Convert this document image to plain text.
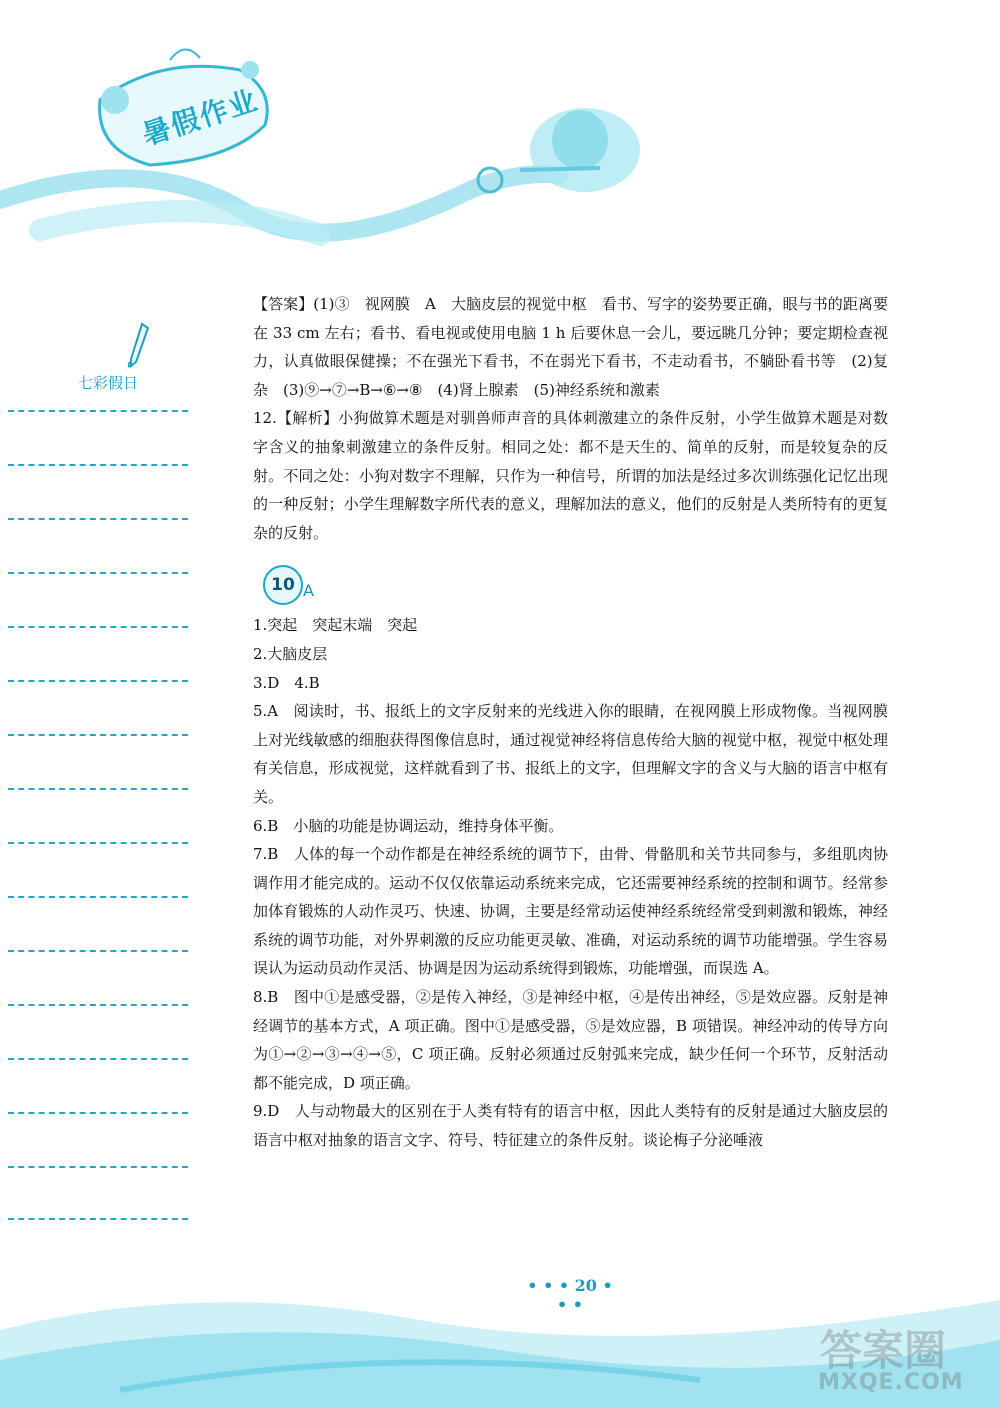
暑假作业
七彩假日

【答案】(1)③　视网膜　A　大脑皮层的视觉中枢　看书、写字的姿势要正确，眼与书的距离要在 33 cm 左右；看书、看电视或使用电脑 1 h 后要休息一会儿，要远眺几分钟；要定期检查视力，认真做眼保健操；不在强光下看书，不在弱光下看书，不走动看书，不躺卧看书等　(2)复杂　(3)⑨→⑦→B→⑥→⑧　(4)肾上腺素　(5)神经系统和激素

12.【解析】小狗做算术题是对驯兽师声音的具体刺激建立的条件反射，小学生做算术题是对数字含义的抽象刺激建立的条件反射。相同之处：都不是天生的、简单的反射，而是较复杂的反射。不同之处：小狗对数字不理解，只作为一种信号，所谓的加法是经过多次训练强化记忆出现的一种反射；小学生理解数字所代表的意义，理解加法的意义，他们的反射是人类所特有的更复杂的反射。

10 A

1.突起　突起末端　突起

2.大脑皮层

3.D　4.B

5.A　阅读时，书、报纸上的文字反射来的光线进入你的眼睛，在视网膜上形成物像。当视网膜上对光线敏感的细胞获得图像信息时，通过视觉神经将信息传给大脑的视觉中枢，视觉中枢处理有关信息，形成视觉，这样就看到了书、报纸上的文字，但理解文字的含义与大脑的语言中枢有关。

6.B　小脑的功能是协调运动，维持身体平衡。

7.B　人体的每一个动作都是在神经系统的调节下，由骨、骨骼肌和关节共同参与，多组肌肉协调作用才能完成的。运动不仅仅依靠运动系统来完成，它还需要神经系统的控制和调节。经常参加体育锻炼的人动作灵巧、快速、协调，主要是经常动运使神经系统经常受到刺激和锻炼，神经系统的调节功能，对外界刺激的反应功能更灵敏、准确，对运动系统的调节功能增强。学生容易误认为运动员动作灵活、协调是因为运动系统得到锻炼，功能增强，而误选 A。

8.B　图中①是感受器，②是传入神经，③是神经中枢，④是传出神经，⑤是效应器。反射是神经调节的基本方式，A 项正确。图中①是感受器，⑤是效应器，B 项错误。神经冲动的传导方向为①→②→③→④→⑤，C 项正确。反射必须通过反射弧来完成，缺少任何一个环节，反射活动都不能完成，D 项正确。

9.D　人与动物最大的区别在于人类有特有的语言中枢，因此人类特有的反射是通过大脑皮层的语言中枢对抽象的语言文字、符号、特征建立的条件反射。谈论梅子分泌唾液

• • • 20 • • •
答案圈
MXQE.COM
